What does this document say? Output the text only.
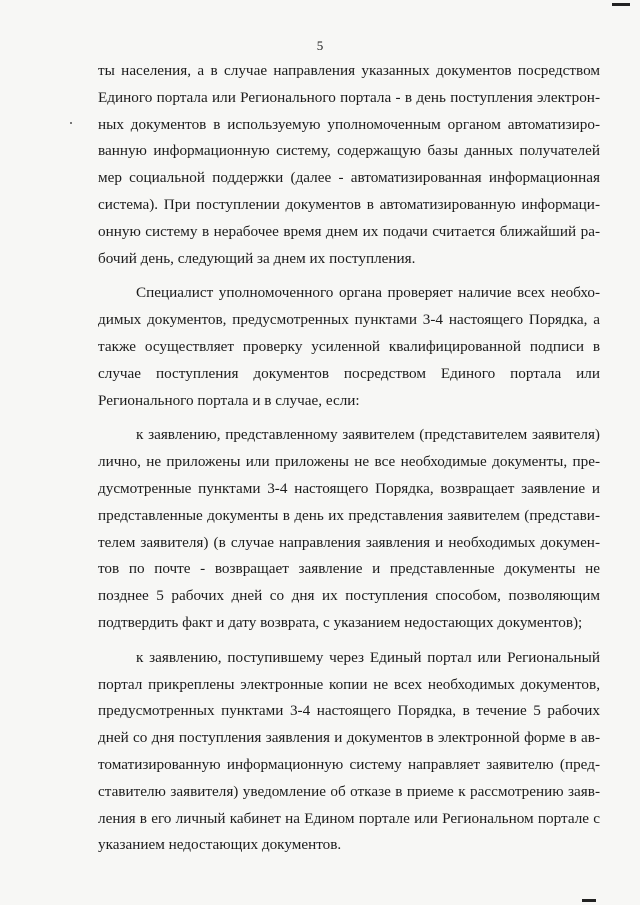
5

ты населения, а в случае направления указанных документов посредством Единого портала или Регионального портала - в день поступления электронных документов в используемую уполномоченным органом автоматизированную информационную систему, содержащую базы данных получателей мер социальной поддержки (далее - автоматизированная информационная система). При поступлении документов в автоматизированную информационную систему в нерабочее время днем их подачи считается ближайший рабочий день, следующий за днем их поступления.

Специалист уполномоченного органа проверяет наличие всех необходимых документов, предусмотренных пунктами 3-4 настоящего Порядка, а также осуществляет проверку усиленной квалифицированной подписи в случае поступления документов посредством Единого портала или Регионального портала и в случае, если:

к заявлению, представленному заявителем (представителем заявителя) лично, не приложены или приложены не все необходимые документы, предусмотренные пунктами 3-4 настоящего Порядка, возвращает заявление и представленные документы в день их представления заявителем (представителем заявителя) (в случае направления заявления и необходимых документов по почте - возвращает заявление и представленные документы не позднее 5 рабочих дней со дня их поступления способом, позволяющим подтвердить факт и дату возврата, с указанием недостающих документов);

к заявлению, поступившему через Единый портал или Региональный портал прикреплены электронные копии не всех необходимых документов, предусмотренных пунктами 3-4 настоящего Порядка, в течение 5 рабочих дней со дня поступления заявления и документов в электронной форме в автоматизированную информационную систему направляет заявителю (представителю заявителя) уведомление об отказе в приеме к рассмотрению заявления в его личный кабинет на Едином портале или Региональном портале с указанием недостающих документов.
